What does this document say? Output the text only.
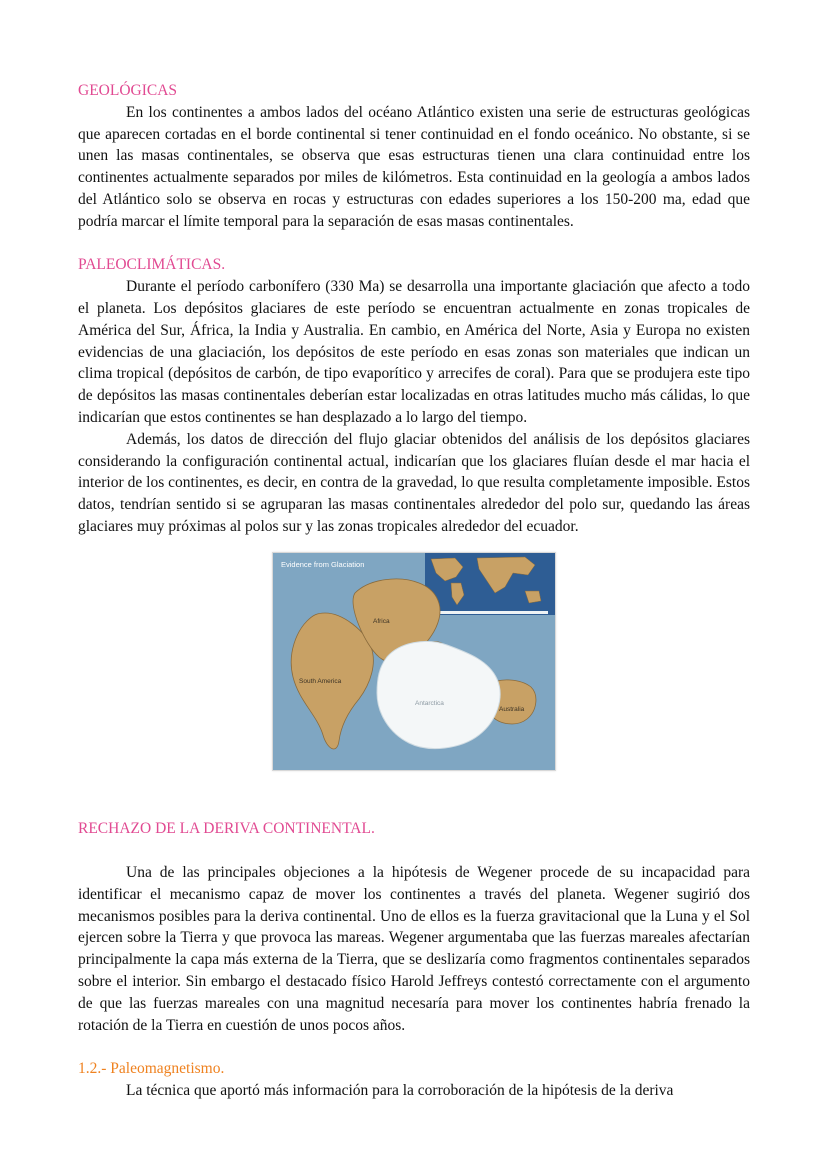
GEOLÓGICAS

En los continentes a ambos lados del océano Atlántico existen una serie de estructuras geológicas que aparecen cortadas en el borde continental si tener continuidad en el fondo oceánico. No obstante, si se unen las masas continentales, se observa que esas estructuras tienen una clara continuidad entre los continentes actualmente separados por miles de kilómetros. Esta continuidad en la geología a ambos lados del Atlántico solo se observa en rocas y estructuras con edades superiores a los 150-200 ma, edad que podría marcar el límite temporal para la separación de esas masas continentales.

PALEOCLIMÁTICAS.

Durante el período carbonífero (330 Ma) se desarrolla una importante glaciación que afecto a todo el planeta. Los depósitos glaciares de este período se encuentran actualmente en zonas tropicales de América del Sur, África, la India y Australia. En cambio, en América del Norte, Asia y Europa no existen evidencias de una glaciación, los depósitos de este período en esas zonas son materiales que indican un clima tropical (depósitos de carbón, de tipo evaporítico y arrecifes de coral). Para que se produjera este tipo de depósitos las masas continentales deberían estar localizadas en otras latitudes mucho más cálidas, lo que indicarían que estos continentes se han desplazado a lo largo del tiempo.

Además, los datos de dirección del flujo glaciar obtenidos del análisis de los depósitos glaciares considerando la configuración continental actual, indicarían que los glaciares fluían desde el mar hacia el interior de los continentes, es decir, en contra de la gravedad, lo que resulta completamente imposible. Estos datos, tendrían sentido si se agruparan las masas continentales alrededor del polo sur, quedando las áreas glaciares muy próximas al polos sur y las zonas tropicales alrededor del ecuador.

Evidence from Glaciation
South America
Africa
Australia
Antarctica
RECHAZO DE LA DERIVA CONTINENTAL.

Una de las principales objeciones a la hipótesis de Wegener procede de su incapacidad para identificar el mecanismo capaz de mover los continentes a través del planeta. Wegener sugirió dos mecanismos posibles para la deriva continental. Uno de ellos es la fuerza gravitacional que la Luna y el Sol ejercen sobre la Tierra y que provoca las mareas. Wegener argumentaba que las fuerzas mareales afectarían principalmente la capa más externa de la Tierra, que se deslizaría como fragmentos continentales separados sobre el interior. Sin embargo el destacado físico Harold Jeffreys contestó correctamente con el argumento de que las fuerzas mareales con una magnitud necesaría para mover los continentes habría frenado la rotación de la Tierra en cuestión de unos pocos años.

1.2.- Paleomagnetismo.

La técnica que aportó más información para la corroboración de la hipótesis de la deriva
